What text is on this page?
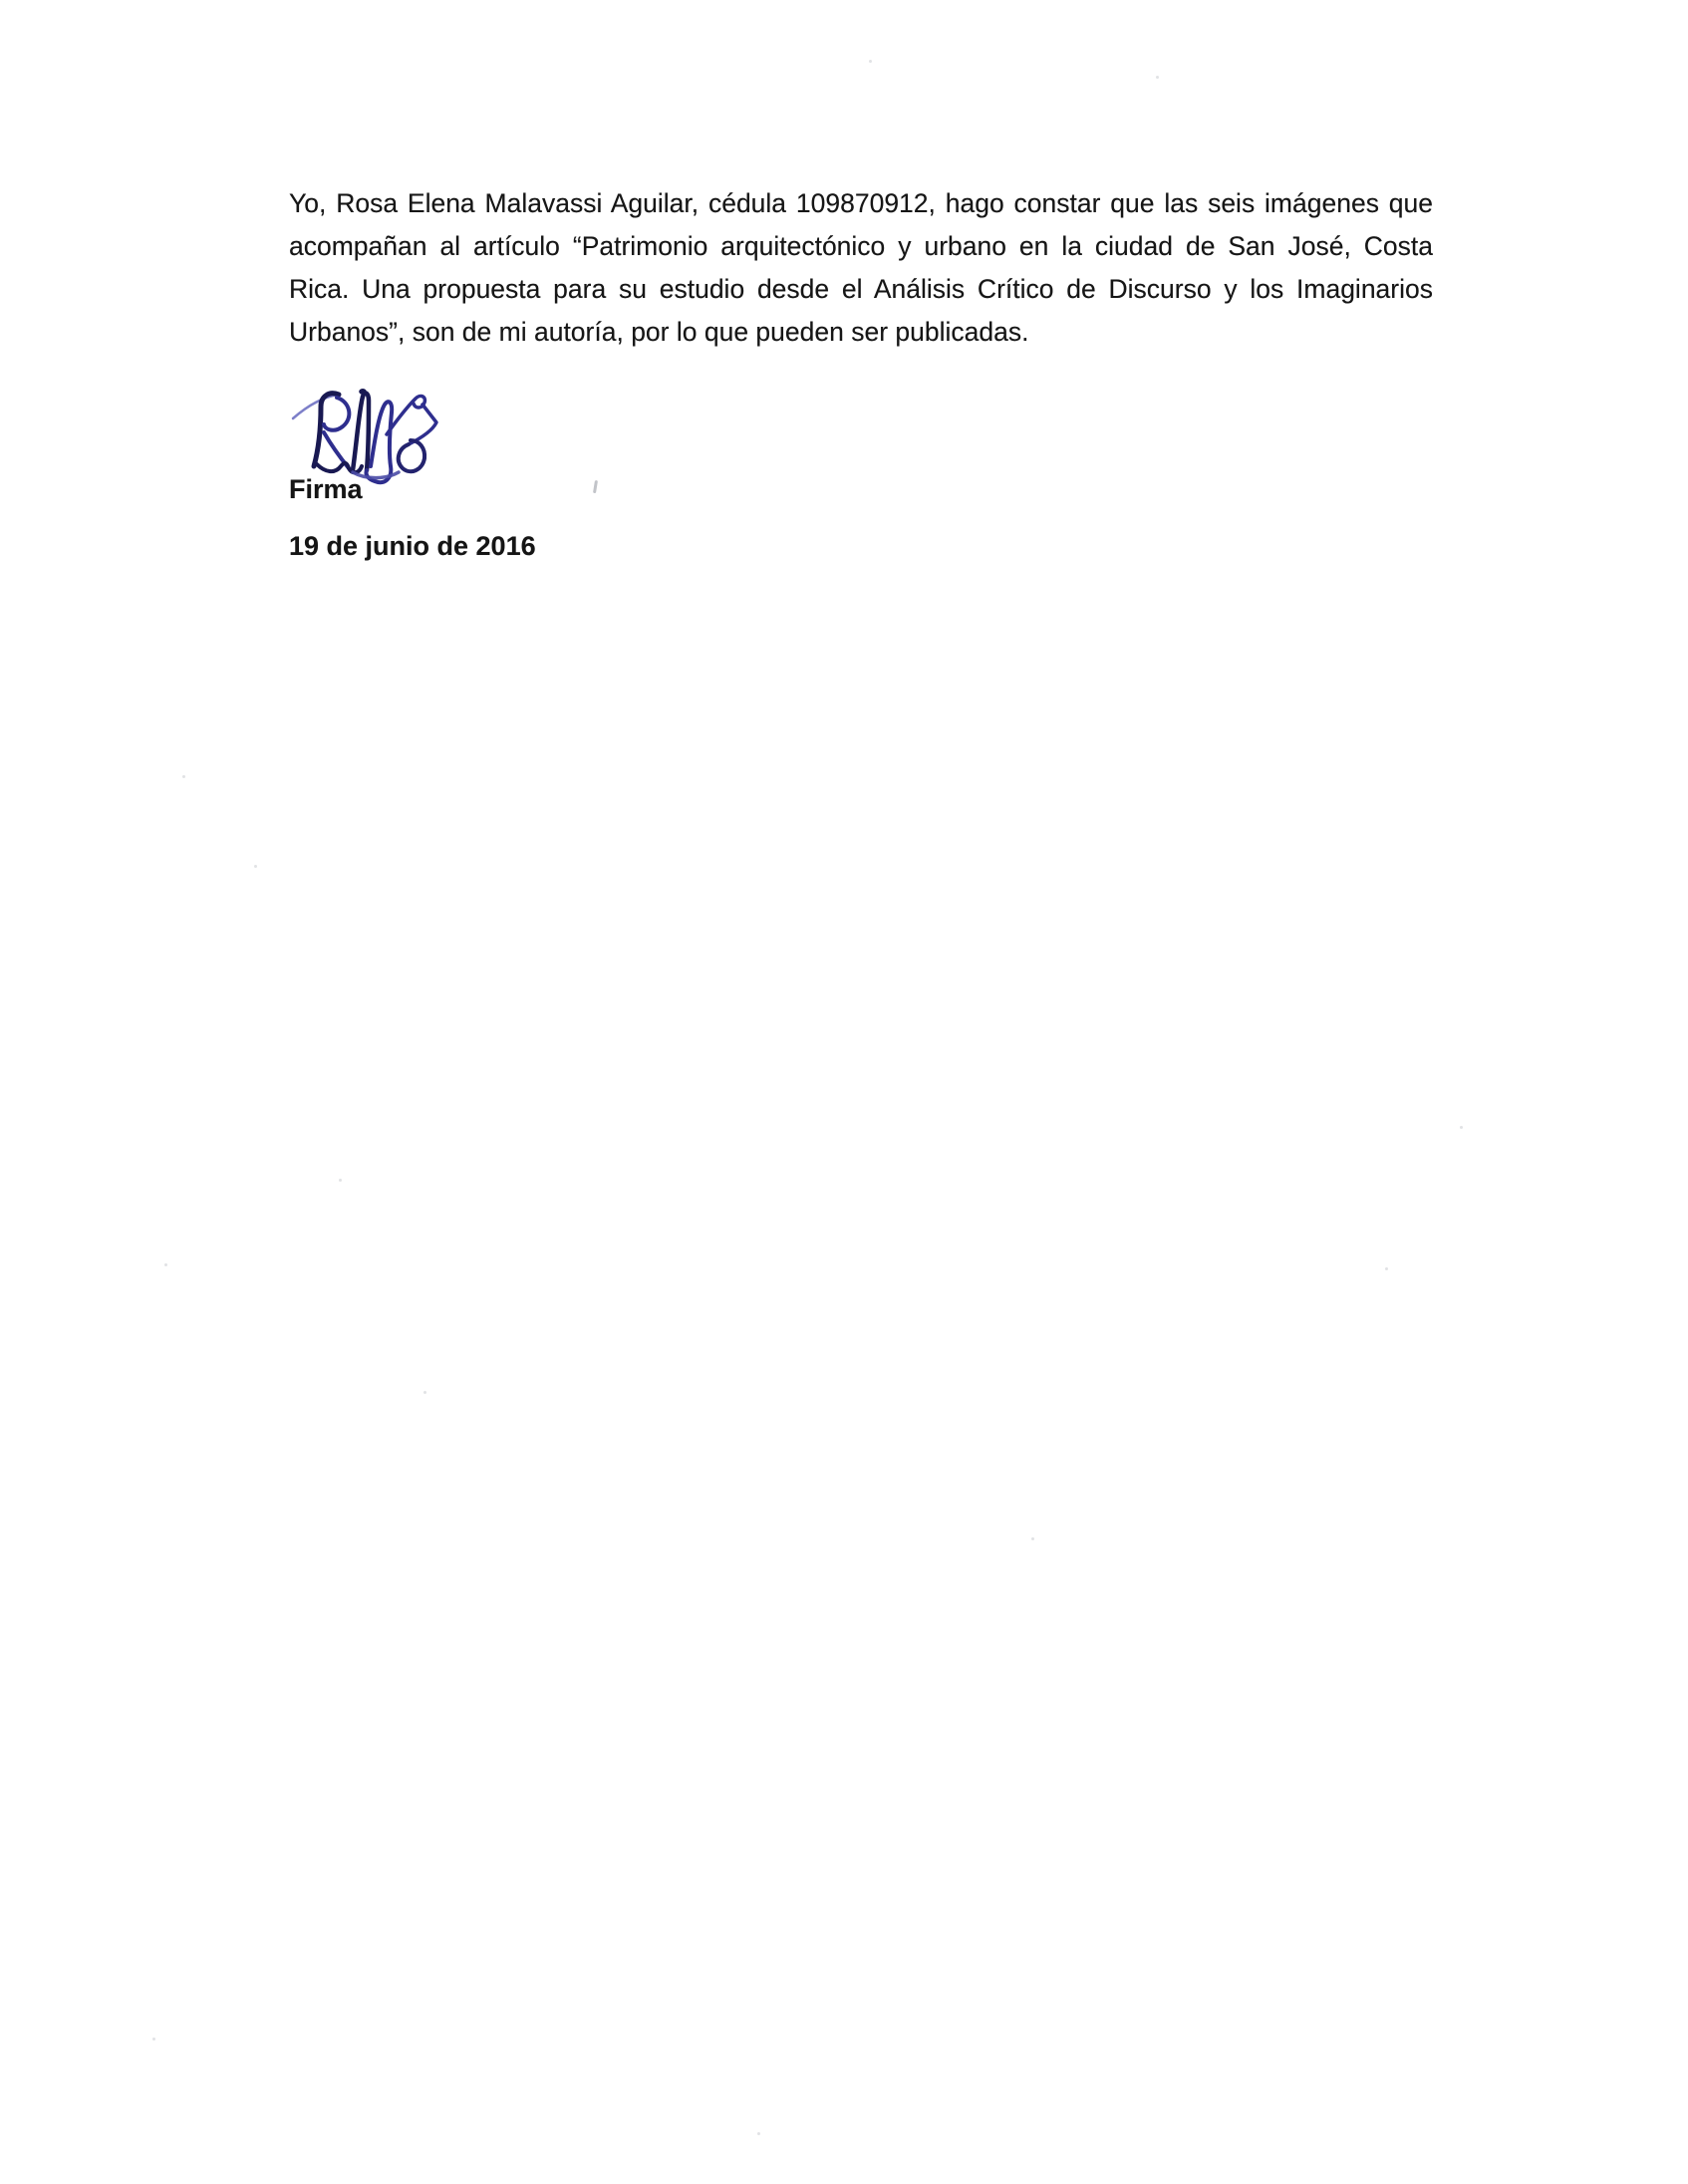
Yo, Rosa Elena Malavassi Aguilar, cédula 109870912, hago constar que las seis imágenes que
acompañan al artículo “Patrimonio arquitectónico y urbano en la ciudad de San José, Costa
Rica. Una propuesta para su estudio desde el Análisis Crítico de Discurso y los Imaginarios
Urbanos”, son de mi autoría, por lo que pueden ser publicadas.
Firma
19 de junio de 2016
